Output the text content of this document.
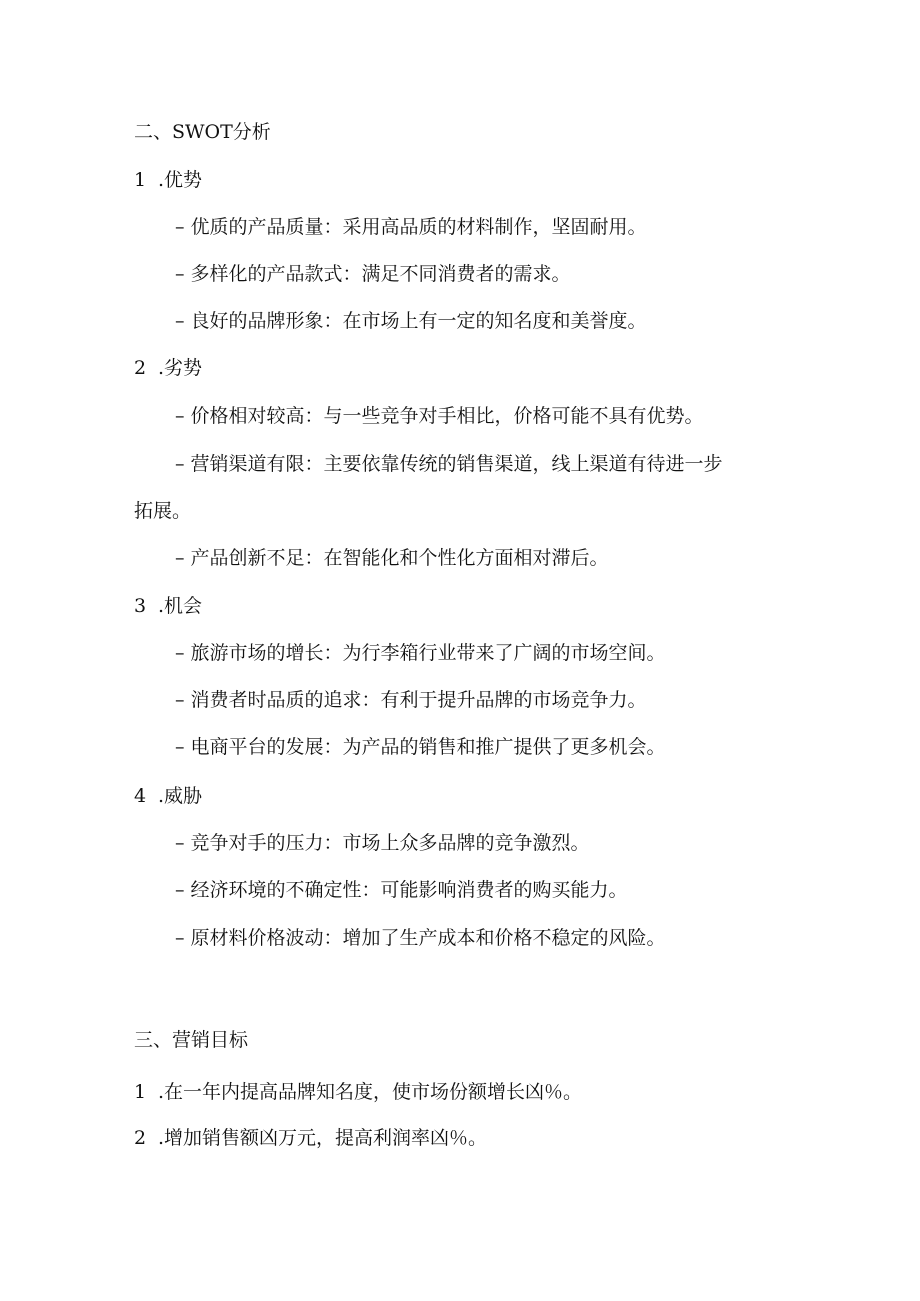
二、SWOT分析
1 .优势
– 优质的产品质量：采用高品质的材料制作，坚固耐用。
– 多样化的产品款式：满足不同消费者的需求。
– 良好的品牌形象：在市场上有一定的知名度和美誉度。
2 .劣势
– 价格相对较高：与一些竞争对手相比，价格可能不具有优势。
– 营销渠道有限：主要依靠传统的销售渠道，线上渠道有待进一步
拓展。
– 产品创新不足：在智能化和个性化方面相对滞后。
3 .机会
– 旅游市场的增长：为行李箱行业带来了广阔的市场空间。
– 消费者时品质的追求：有利于提升品牌的市场竞争力。
– 电商平台的发展：为产品的销售和推广提供了更多机会。
4 .威胁
– 竞争对手的压力：市场上众多品牌的竞争激烈。
– 经济环境的不确定性：可能影响消费者的购买能力。
– 原材料价格波动：增加了生产成本和价格不稳定的风险。
三、营销目标
1 .在一年内提高品牌知名度，使市场份额增长凶％。
2 .增加销售额凶万元，提高利润率凶％。
